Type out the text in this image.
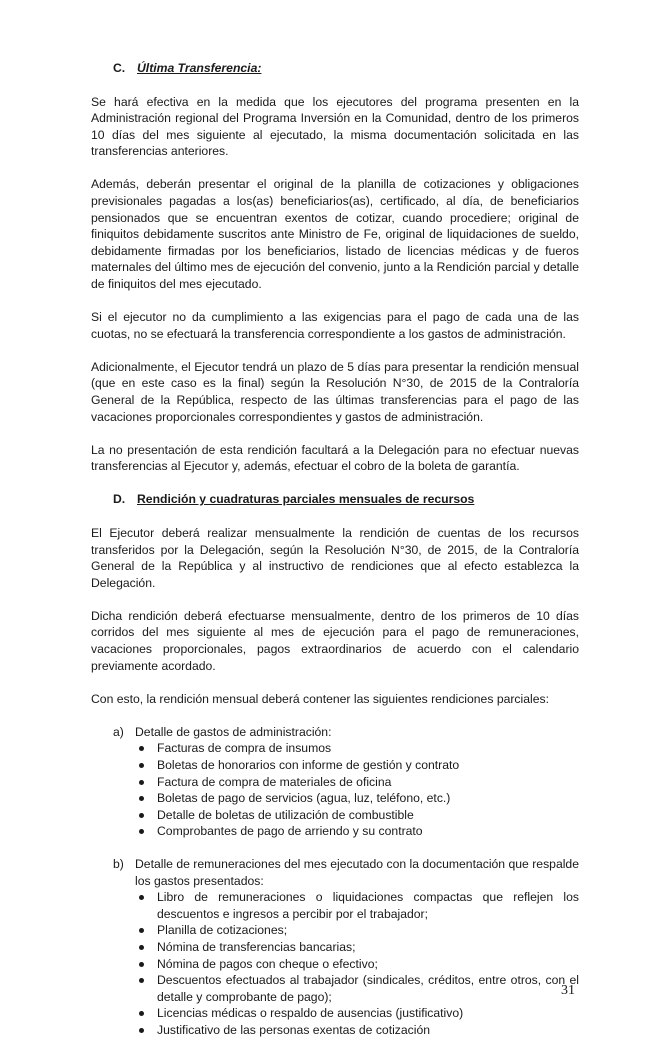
C. Última Transferencia:

Se hará efectiva en la medida que los ejecutores del programa presenten en la Administración regional del Programa Inversión en la Comunidad, dentro de los primeros 10 días del mes siguiente al ejecutado, la misma documentación solicitada en las transferencias anteriores.

Además, deberán presentar el original de la planilla de cotizaciones y obligaciones previsionales pagadas a los(as) beneficiarios(as), certificado, al día, de beneficiarios pensionados que se encuentran exentos de cotizar, cuando procediere; original de finiquitos debidamente suscritos ante Ministro de Fe, original de liquidaciones de sueldo, debidamente firmadas por los beneficiarios, listado de licencias médicas y de fueros maternales del último mes de ejecución del convenio, junto a la Rendición parcial y detalle de finiquitos del mes ejecutado.

Si el ejecutor no da cumplimiento a las exigencias para el pago de cada una de las cuotas, no se efectuará la transferencia correspondiente a los gastos de administración.

Adicionalmente, el Ejecutor tendrá un plazo de 5 días para presentar la rendición mensual (que en este caso es la final) según la Resolución N°30, de 2015 de la Contraloría General de la República, respecto de las últimas transferencias para el pago de las vacaciones proporcionales correspondientes y gastos de administración.

La no presentación de esta rendición facultará a la Delegación para no efectuar nuevas transferencias al Ejecutor y, además, efectuar el cobro de la boleta de garantía.

D. Rendición y cuadraturas parciales mensuales de recursos

El Ejecutor deberá realizar mensualmente la rendición de cuentas de los recursos transferidos por la Delegación, según la Resolución N°30, de 2015, de la Contraloría General de la República y al instructivo de rendiciones que al efecto establezca la Delegación.

Dicha rendición deberá efectuarse mensualmente, dentro de los primeros de 10 días corridos del mes siguiente al mes de ejecución para el pago de remuneraciones, vacaciones proporcionales, pagos extraordinarios de acuerdo con el calendario previamente acordado.

Con esto, la rendición mensual deberá contener las siguientes rendiciones parciales:

a) Detalle de gastos de administración:
Facturas de compra de insumos
Boletas de honorarios con informe de gestión y contrato
Factura de compra de materiales de oficina
Boletas de pago de servicios (agua, luz, teléfono, etc.)
Detalle de boletas de utilización de combustible
Comprobantes de pago de arriendo y su contrato
b) Detalle de remuneraciones del mes ejecutado con la documentación que respalde los gastos presentados:
Libro de remuneraciones o liquidaciones compactas que reflejen los descuentos e ingresos a percibir por el trabajador;
Planilla de cotizaciones;
Nómina de transferencias bancarias;
Nómina de pagos con cheque o efectivo;
Descuentos efectuados al trabajador (sindicales, créditos, entre otros, con el detalle y comprobante de pago);
Licencias médicas o respaldo de ausencias (justificativo)
Justificativo de las personas exentas de cotización
31
